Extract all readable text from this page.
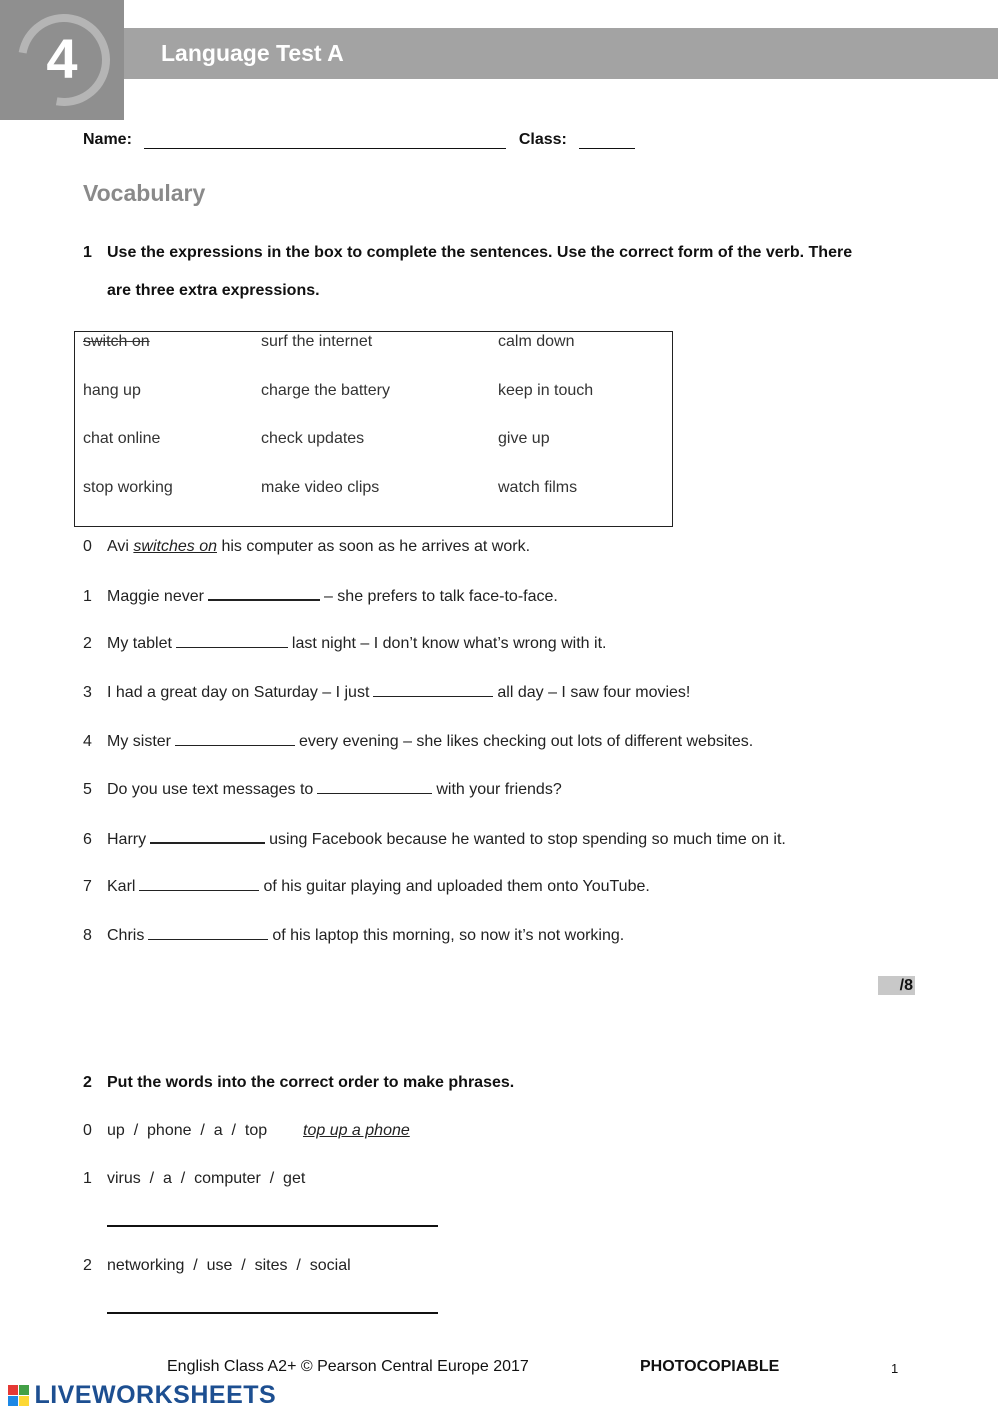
4	Language Test A
Name:	Class:
Vocabulary
1 Use the expressions in the box to complete the sentences. Use the correct form of the verb. There
are three extra expressions.
switch on	surf the internet	calm down
hang up	charge the battery	keep in touch
chat online	check updates	give up
stop working	make video clips	watch films
0 Avi switches on his computer as soon as he arrives at work.
1 Maggie never	– she prefers to talk face-to-face.
2 My tablet	last night – I don’t know what’s wrong with it.
3 I had a great day on Saturday – I just	all day – I saw four movies!
4 My sister	every evening – she likes checking out lots of different websites.
5 Do you use text messages to	with your friends?
6 Harry	using Facebook because he wanted to stop spending so much time on it.
7 Karl	of his guitar playing and uploaded them onto YouTube.
8 Chris	of his laptop this morning, so now it’s not working.
/8
2 Put the words into the correct order to make phrases.
0 up  /  phone  /  a  /  top top up a phone
1 virus  /  a  /  computer  /  get
2 networking  /  use  /  sites  /  social
English Class A2+ © Pearson Central Europe 2017	PHOTOCOPIABLE	1
LIVEWORKSHEETS
